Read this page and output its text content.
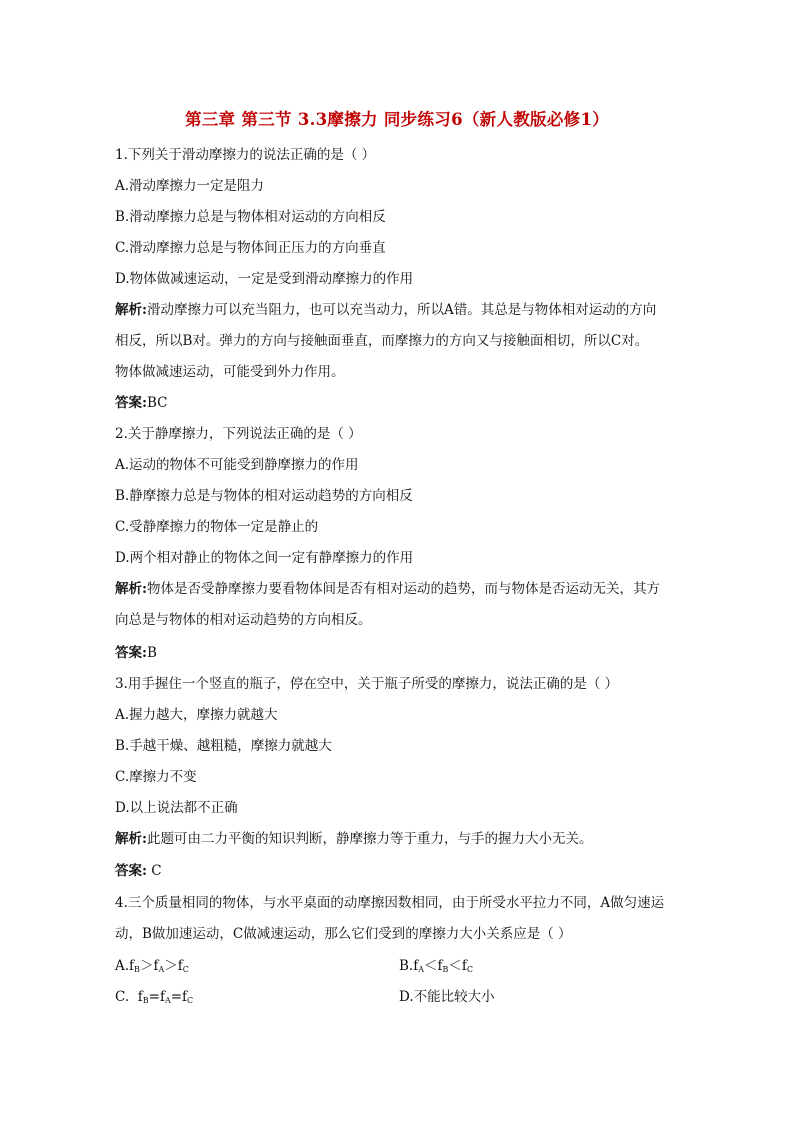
第三章 第三节 3.3摩擦力 同步练习6（新人教版必修1）
1.下列关于滑动摩擦力的说法正确的是（ ）
A.滑动摩擦力一定是阻力
B.滑动摩擦力总是与物体相对运动的方向相反
C.滑动摩擦力总是与物体间正压力的方向垂直
D.物体做减速运动，一定是受到滑动摩擦力的作用
解析:滑动摩擦力可以充当阻力，也可以充当动力，所以A错。其总是与物体相对运动的方向
相反，所以B对。弹力的方向与接触面垂直，而摩擦力的方向又与接触面相切，所以C对。
物体做减速运动，可能受到外力作用。
答案:BC
2.关于静摩擦力，下列说法正确的是（ ）
A.运动的物体不可能受到静摩擦力的作用
B.静摩擦力总是与物体的相对运动趋势的方向相反
C.受静摩擦力的物体一定是静止的
D.两个相对静止的物体之间一定有静摩擦力的作用
解析:物体是否受静摩擦力要看物体间是否有相对运动的趋势，而与物体是否运动无关，其方
向总是与物体的相对运动趋势的方向相反。
答案:B
3.用手握住一个竖直的瓶子，停在空中，关于瓶子所受的摩擦力，说法正确的是（ ）
A.握力越大，摩擦力就越大
B.手越干燥、越粗糙，摩擦力就越大
C.摩擦力不变
D.以上说法都不正确
解析:此题可由二力平衡的知识判断，静摩擦力等于重力，与手的握力大小无关。
答案: C
4.三个质量相同的物体，与水平桌面的动摩擦因数相同，由于所受水平拉力不同，A做匀速运
动，B做加速运动，C做减速运动，那么它们受到的摩擦力大小关系应是（ ）
$A.f_B>f_A>f_C$	$B.f_A<f_B<f_C$
C.  $f_B=f_A=f_C$	D.不能比较大小
